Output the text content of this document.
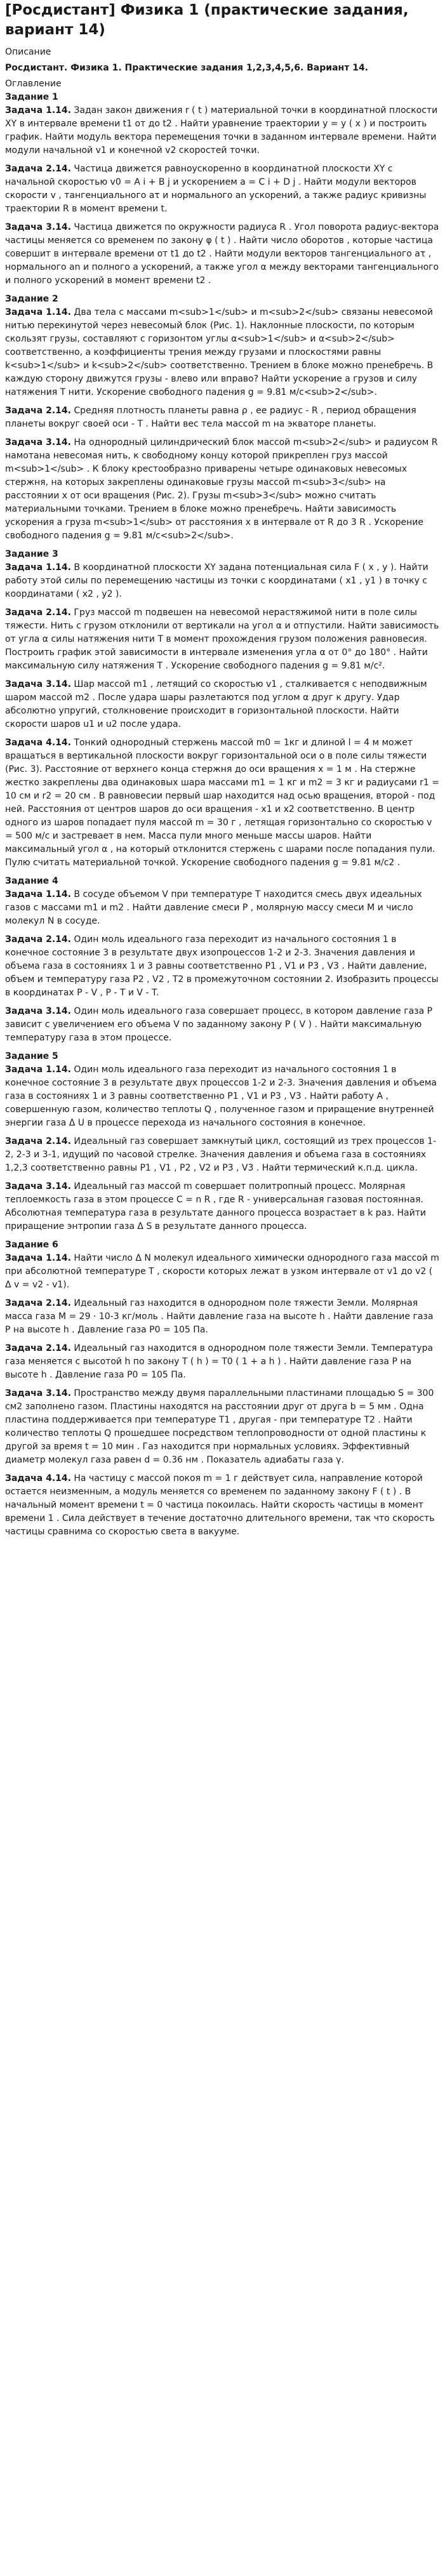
[Росдистант] Физика 1 (практические задания, вариант 14)
Описание
Росдистант. Физика 1. Практические задания 1,2,3,4,5,6. Вариант 14.
Оглавление
Задание 1

Задача 1.14. Задан закон движения r ( t ) материальной точки в координатной плоскости XY в интервале времени t1 от до t2 . Найти уравнение траектории y = y ( x ) и построить график. Найти модуль вектора перемещения точки в заданном интервале времени. Найти модули начальной v1 и конечной v2 скоростей точки.

Задача 2.14. Частица движется равноускоренно в координатной плоскости XY с начальной скоростью v0 = A i + B j и ускорением a = C i + D j . Найти модули векторов скорости v , тангенциального aτ и нормального an ускорений, а также радиус кривизны траектории R в момент времени t.

Задача 3.14. Частица движется по окружности радиуса R . Угол поворота радиус-вектора частицы меняется со временем по закону φ ( t ) . Найти число оборотов , которые частица совершит в интервале времени от t1 до t2 . Найти модули векторов тангенциального aτ , нормального an и полного a ускорений, а также угол α между векторами тангенциального и полного ускорений в момент времени t2 .

Задание 2

Задача 1.14. Два тела с массами m<sub>1</sub> и m<sub>2</sub> связаны невесомой нитью перекинутой через невесомый блок (Рис. 1). Наклонные плоскости, по которым скользят грузы, составляют с горизонтом углы α<sub>1</sub> и α<sub>2</sub> соответственно, а коэффициенты трения между грузами и плоскостями равны k<sub>1</sub> и k<sub>2</sub> соответственно. Трением в блоке можно пренебречь. В каждую сторону движутся грузы - влево или вправо? Найти ускорение a грузов и силу натяжения T нити. Ускорение свободного падения g = 9.81 м/с<sub>2</sub>.

Задача 2.14. Средняя плотность планеты равна ρ , ее радиус - R , период обращения планеты вокруг своей оси - T . Найти вес тела массой m на экваторе планеты.

Задача 3.14. На однородный цилиндрический блок массой m<sub>2</sub> и радиусом R намотана невесомая нить, к свободному концу которой прикреплен груз массой m<sub>1</sub> . К блоку крестообразно приварены четыре одинаковых невесомых стержня, на которых закреплены одинаковые грузы массой m<sub>3</sub> на расстоянии x от оси вращения (Рис. 2). Грузы m<sub>3</sub> можно считать материальными точками. Трением в блоке можно пренебречь. Найти зависимость ускорения a груза m<sub>1</sub> от расстояния x в интервале от R до 3 R . Ускорение свободного падения g = 9.81 м/с<sub>2</sub>.

Задание 3

Задача 1.14. В координатной плоскости XY задана потенциальная сила F ( x , y ). Найти работу этой силы по перемещению частицы из точки с координатами ( x1 , y1 ) в точку с координатами ( x2 , y2 ).

Задача 2.14. Груз массой m подвешен на невесомой нерастяжимой нити в поле силы тяжести. Нить с грузом отклонили от вертикали на угол α и отпустили. Найти зависимость от угла α силы натяжения нити T в момент прохождения грузом положения равновесия. Построить график этой зависимости в интервале изменения угла α от 0° до 180° . Найти максимальную силу натяжения T . Ускорение свободного падения g = 9.81 м/с².

Задача 3.14. Шар массой m1 , летящий со скоростью v1 , сталкивается с неподвижным шаром массой m2 . После удара шары разлетаются под углом α друг к другу. Удар абсолютно упругий, столкновение происходит в горизонтальной плоскости. Найти скорости шаров u1 и u2 после удара.

Задача 4.14. Тонкий однородный стержень массой m0 = 1кг и длиной l = 4 м может вращаться в вертикальной плоскости вокруг горизонтальной оси о в поле силы тяжести (Рис. 3). Расстояние от верхнего конца стержня до оси вращения x = 1 м . На стержне жестко закреплены два одинаковых шара массами m1 = 1 кг и m2 = 3 кг и радиусами r1 = 10 см и r2 = 20 см . В равновесии первый шар находится над осью вращения, второй - под ней. Расстояния от центров шаров до оси вращения - x1 и x2 соответственно. В центр одного из шаров попадает пуля массой m = 30 г , летящая горизонтально со скоростью v = 500 м/с и застревает в нем. Масса пули много меньше массы шаров. Найти максимальный угол α , на который отклонится стержень с шарами после попадания пули. Пулю считать материальной точкой. Ускорение свободного падения g = 9.81 м/с2 .

Задание 4

Задача 1.14. В сосуде объемом V при температуре T находится смесь двух идеальных газов с массами m1 и m2 . Найти давление смеси P , молярную массу смеси M и число молекул N в сосуде.

Задача 2.14. Один моль идеального газа переходит из начального состояния 1 в конечное состояние 3 в результате двух изопроцессов 1-2 и 2-3. Значения давления и объема газа в состояниях 1 и 3 равны соответственно P1 , V1 и P3 , V3 . Найти давление, объем и температуру газа P2 , V2 , T2 в промежуточном состоянии 2. Изобразить процессы в координатах P - V , P - T и V - T.

Задача 3.14. Один моль идеального газа совершает процесс, в котором давление газа P зависит с увеличением его объема V по заданному закону P ( V ) . Найти максимальную температуру газа в этом процессе.

Задание 5

Задача 1.14. Один моль идеального газа переходит из начального состояния 1 в конечное состояние 3 в результате двух процессов 1-2 и 2-3. Значения давления и объема газа в состояниях 1 и 3 равны соответственно P1 , V1 и P3 , V3 . Найти работу A , совершенную газом, количество теплоты Q , полученное газом и приращение внутренней энергии газа Δ U в процессе перехода из начального состояния в конечное.

Задача 2.14. Идеальный газ совершает замкнутый цикл, состоящий из трех процессов 1-2, 2-3 и 3-1, идущий по часовой стрелке. Значения давления и объема газа в состояниях 1,2,3 соответственно равны P1 , V1 , P2 , V2 и P3 , V3 . Найти термический к.п.д. цикла.

Задача 3.14. Идеальный газ массой m совершает политропный процесс. Молярная теплоемкость газа в этом процессе C = n R , где R - универсальная газовая постоянная. Абсолютная температура газа в результате данного процесса возрастает в k раз. Найти приращение энтропии газа Δ S в результате данного процесса.

Задание 6

Задача 1.14. Найти число Δ N молекул идеального химически однородного газа массой m при абсолютной температуре T , скорости которых лежат в узком интервале от v1 до v2 ( Δ v = v2 - v1).

Задача 2.14. Идеальный газ находится в однородном поле тяжести Земли. Молярная масса газа M = 29 · 10-3 кг/моль . Найти давление газа на высоте h . Найти давление газа P на высоте h . Давление газа P0 = 105 Па.

Задача 2.14. Идеальный газ находится в однородном поле тяжести Земли. Температура газа меняется с высотой h по закону T ( h ) = T0 ( 1 + a h ) . Найти давление газа P на высоте h . Давление газа P0 = 105 Па.

Задача 3.14. Пространство между двумя параллельными пластинами площадью S = 300 см2 заполнено газом. Пластины находятся на расстоянии друг от друга b = 5 мм . Одна пластина поддерживается при температуре T1 , другая - при температуре T2 . Найти количество теплоты Q прошедшее посредством теплопроводности от одной пластины к другой за время t = 10 мин . Газ находится при нормальных условиях. Эффективный диаметр молекул газа равен d = 0.36 нм . Показатель адиабаты газа γ.

Задача 4.14. На частицу с массой покоя m = 1 г действует сила, направление которой остается неизменным, а модуль меняется со временем по заданному закону F ( t ) . В начальный момент времени t = 0 частица покоилась. Найти скорость частицы в момент времени 1 . Сила действует в течение достаточно длительного времени, так что скорость частицы сравнима со скоростью света в вакууме.
